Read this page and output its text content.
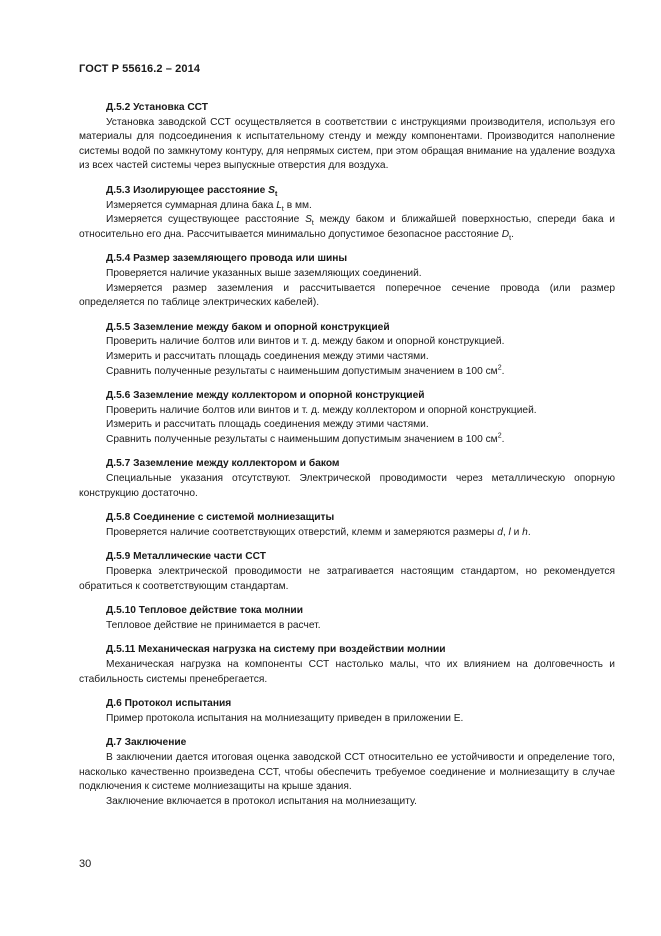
ГОСТ Р 55616.2 – 2014
Д.5.2 Установка ССТ
Установка заводской ССТ осуществляется в соответствии с инструкциями производителя, используя его материалы для подсоединения к испытательному стенду и между компонентами. Производится наполнение системы водой по замкнутому контуру, для непрямых систем, при этом обращая внимание на удаление воздуха из всех частей системы через выпускные отверстия для воздуха.
Д.5.3 Изолирующее расстояние $S_t$
Измеряется суммарная длина бака $L_t$ в мм.
Измеряется существующее расстояние $S_t$ между баком и ближайшей поверхностью, спереди бака и относительно его дна. Рассчитывается минимально допустимое безопасное расстояние $D_t$.
Д.5.4 Размер заземляющего провода или шины
Проверяется наличие указанных выше заземляющих соединений.
Измеряется размер заземления и рассчитывается поперечное сечение провода (или размер определяется по таблице электрических кабелей).
Д.5.5 Заземление между баком и опорной конструкцией
Проверить наличие болтов или винтов и т. д. между баком и опорной конструкцией.
Измерить и рассчитать площадь соединения между этими частями.
Сравнить полученные результаты с наименьшим допустимым значением в 100 $см^2$.
Д.5.6 Заземление между коллектором и опорной конструкцией
Проверить наличие болтов или винтов и т. д. между коллектором и опорной конструкцией.
Измерить и рассчитать площадь соединения между этими частями.
Сравнить полученные результаты с наименьшим допустимым значением в 100 $см^2$.
Д.5.7 Заземление между коллектором и баком
Специальные указания отсутствуют. Электрической проводимости через металлическую опорную конструкцию достаточно.
Д.5.8 Соединение с системой молниезащиты
Проверяется наличие соответствующих отверстий, клемм и замеряются размеры d, l и h.
Д.5.9 Металлические части ССТ
Проверка электрической проводимости не затрагивается настоящим стандартом, но рекомендуется обратиться к соответствующим стандартам.
Д.5.10 Тепловое действие тока молнии
Тепловое действие не принимается в расчет.
Д.5.11 Механическая нагрузка на систему при воздействии молнии
Механическая нагрузка на компоненты ССТ настолько малы, что их влиянием на долговечность и стабильность системы пренебрегается.
Д.6 Протокол испытания
Пример протокола испытания на молниезащиту приведен в приложении Е.
Д.7 Заключение
В заключении дается итоговая оценка заводской ССТ относительно ее устойчивости и определение того, насколько качественно произведена ССТ, чтобы обеспечить требуемое соединение и молниезащиту в случае подключения к системе молниезащиты на крыше здания.
Заключение включается в протокол испытания на молниезащиту.
30
